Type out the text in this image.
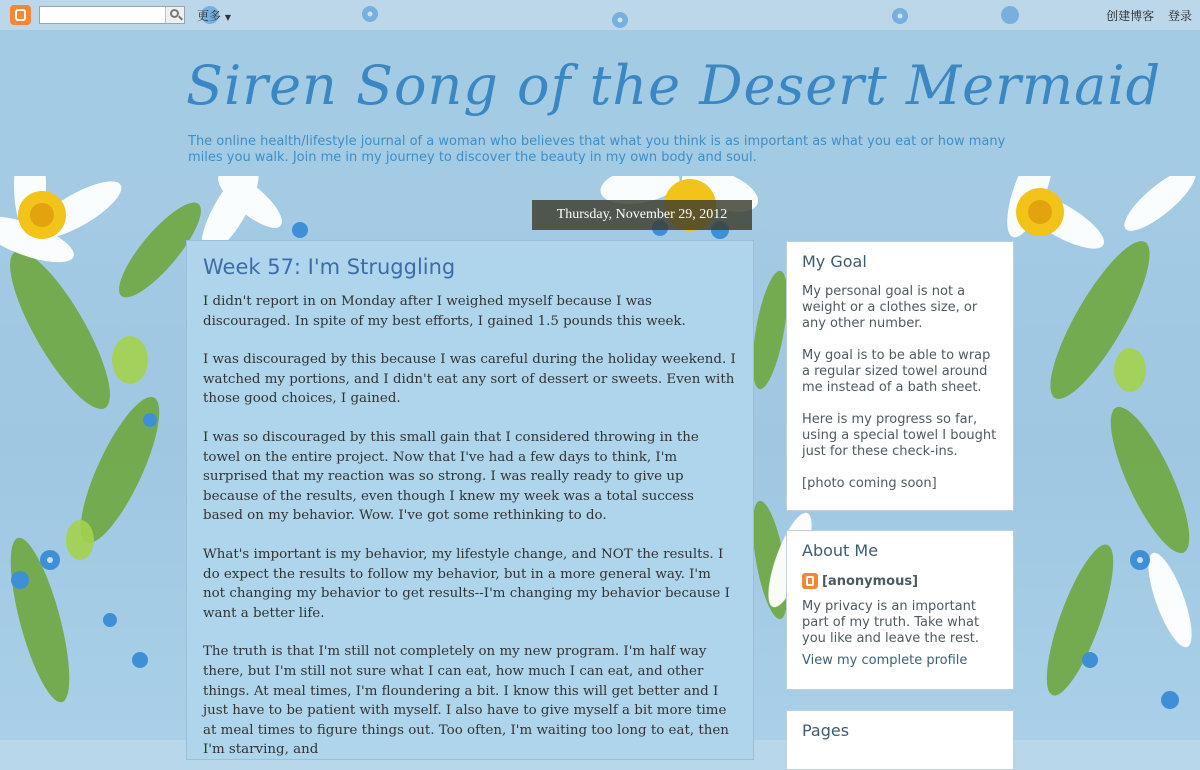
更多 ▼	创建博客 登录
Siren Song of the Desert Mermaid
The online health/lifestyle journal of a woman who believes that what you think is as important as what you eat or how many miles you walk. Join me in my journey to discover the beauty in my own body and soul.
Thursday, November 29, 2012
Week 57: I'm Struggling

I didn't report in on Monday after I weighed myself because I was discouraged. In spite of my best efforts, I gained 1.5 pounds this week.

I was discouraged by this because I was careful during the holiday weekend. I watched my portions, and I didn't eat any sort of dessert or sweets. Even with those good choices, I gained.

I was so discouraged by this small gain that I considered throwing in the towel on the entire project. Now that I've had a few days to think, I'm surprised that my reaction was so strong. I was really ready to give up because of the results, even though I knew my week was a total success based on my behavior. Wow. I've got some rethinking to do.

What's important is my behavior, my lifestyle change, and NOT the results. I do expect the results to follow my behavior, but in a more general way. I'm not changing my behavior to get results--I'm changing my behavior because I want a better life.

The truth is that I'm still not completely on my new program. I'm half way there, but I'm still not sure what I can eat, how much I can eat, and other things. At meal times, I'm floundering a bit. I know this will get better and I just have to be patient with myself. I also have to give myself a bit more time at meal times to figure things out. Too often, I'm waiting too long to eat, then I'm starving, and

My Goal

My personal goal is not a weight or a clothes size, or any other number.

My goal is to be able to wrap a regular sized towel around me instead of a bath sheet.

Here is my progress so far, using a special towel I bought just for these check-ins.

[photo coming soon]

About Me
[anonymous]

My privacy is an important part of my truth. Take what you like and leave the rest.

View my complete profile
Pages
